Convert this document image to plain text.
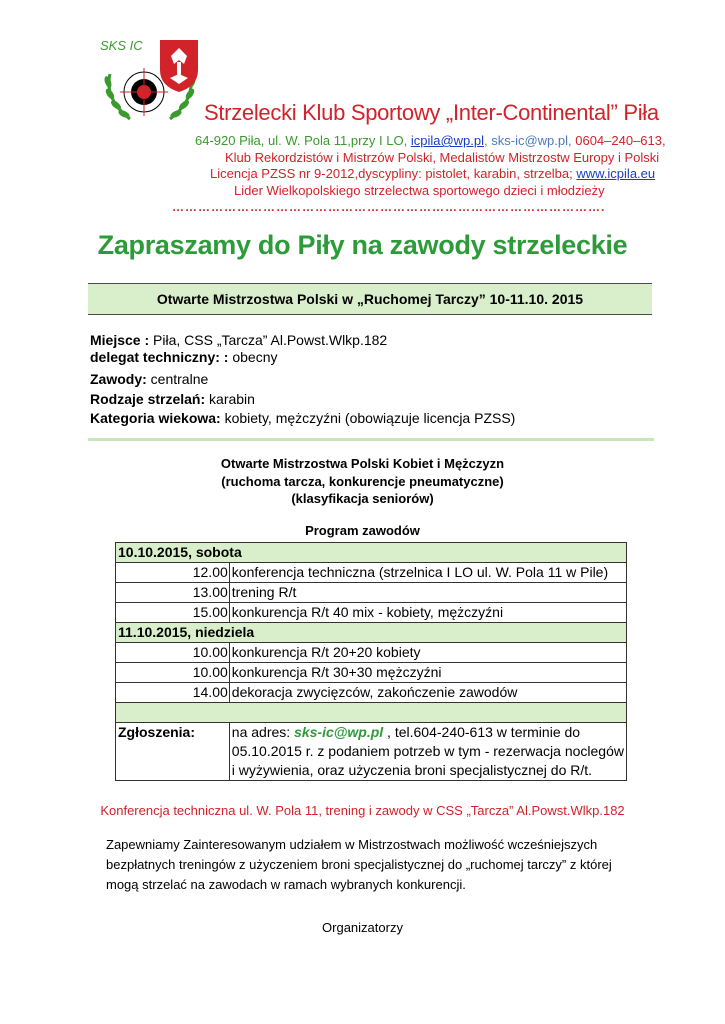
SKS IC
Strzelecki Klub Sportowy „Inter-Continental” Piła
64-920 Piła, ul. W. Pola 11,przy I LO, icpila@wp.pl, sks-ic@wp.pl, 0604–240–613,
Klub Rekordzistów i Mistrzów Polski, Medalistów Mistrzostw Europy i Polski
Licencja PZSS nr 9-2012,dyscypliny: pistolet, karabin, strzelba; www.icpila.eu
Lider Wielkopolskiego strzelectwa sportowego dzieci i młodzieży
……………………………………………………………………………………….
Zapraszamy do Piły na zawody strzeleckie
Otwarte Mistrzostwa Polski w „Ruchomej Tarczy” 10-11.10. 2015
Miejsce : Piła, CSS „Tarcza” Al.Powst.Wlkp.182
delegat techniczny: : obecny
Zawody: centralne
Rodzaje strzelań: karabin
Kategoria wiekowa: kobiety, mężczyźni (obowiązuje licencja PZSS)
Otwarte Mistrzostwa Polski Kobiet i Mężczyzn
(ruchoma tarcza, konkurencje pneumatyczne)
(klasyfikacja seniorów)
Program zawodów
10.10.2015, sobota	
12.00	konferencja techniczna (strzelnica I LO ul. W. Pola 11 w Pile)
13.00	trening R/t
15.00	konkurencja R/t 40 mix - kobiety, mężczyźni
11.10.2015, niedziela	
10.00	konkurencja R/t 20+20 kobiety
10.00	konkurencja R/t 30+30 mężczyźni
14.00	dekoracja zwycięzców, zakończenie zawodów

Zgłoszenia:	na adres: sks-ic@wp.pl , tel.604-240-613 w terminie do
05.10.2015 r. z podaniem potrzeb w tym - rezerwacja noclegów
i wyżywienia, oraz użyczenia broni specjalistycznej do R/t.
Konferencja techniczna ul. W. Pola 11, trening i zawody w CSS „Tarcza” Al.Powst.Wlkp.182
Zapewniamy Zainteresowanym udziałem w Mistrzostwach możliwość wcześniejszych bezpłatnych treningów z użyczeniem broni specjalistycznej do „ruchomej tarczy” z której mogą strzelać na zawodach w ramach wybranych konkurencji.
Organizatorzy
